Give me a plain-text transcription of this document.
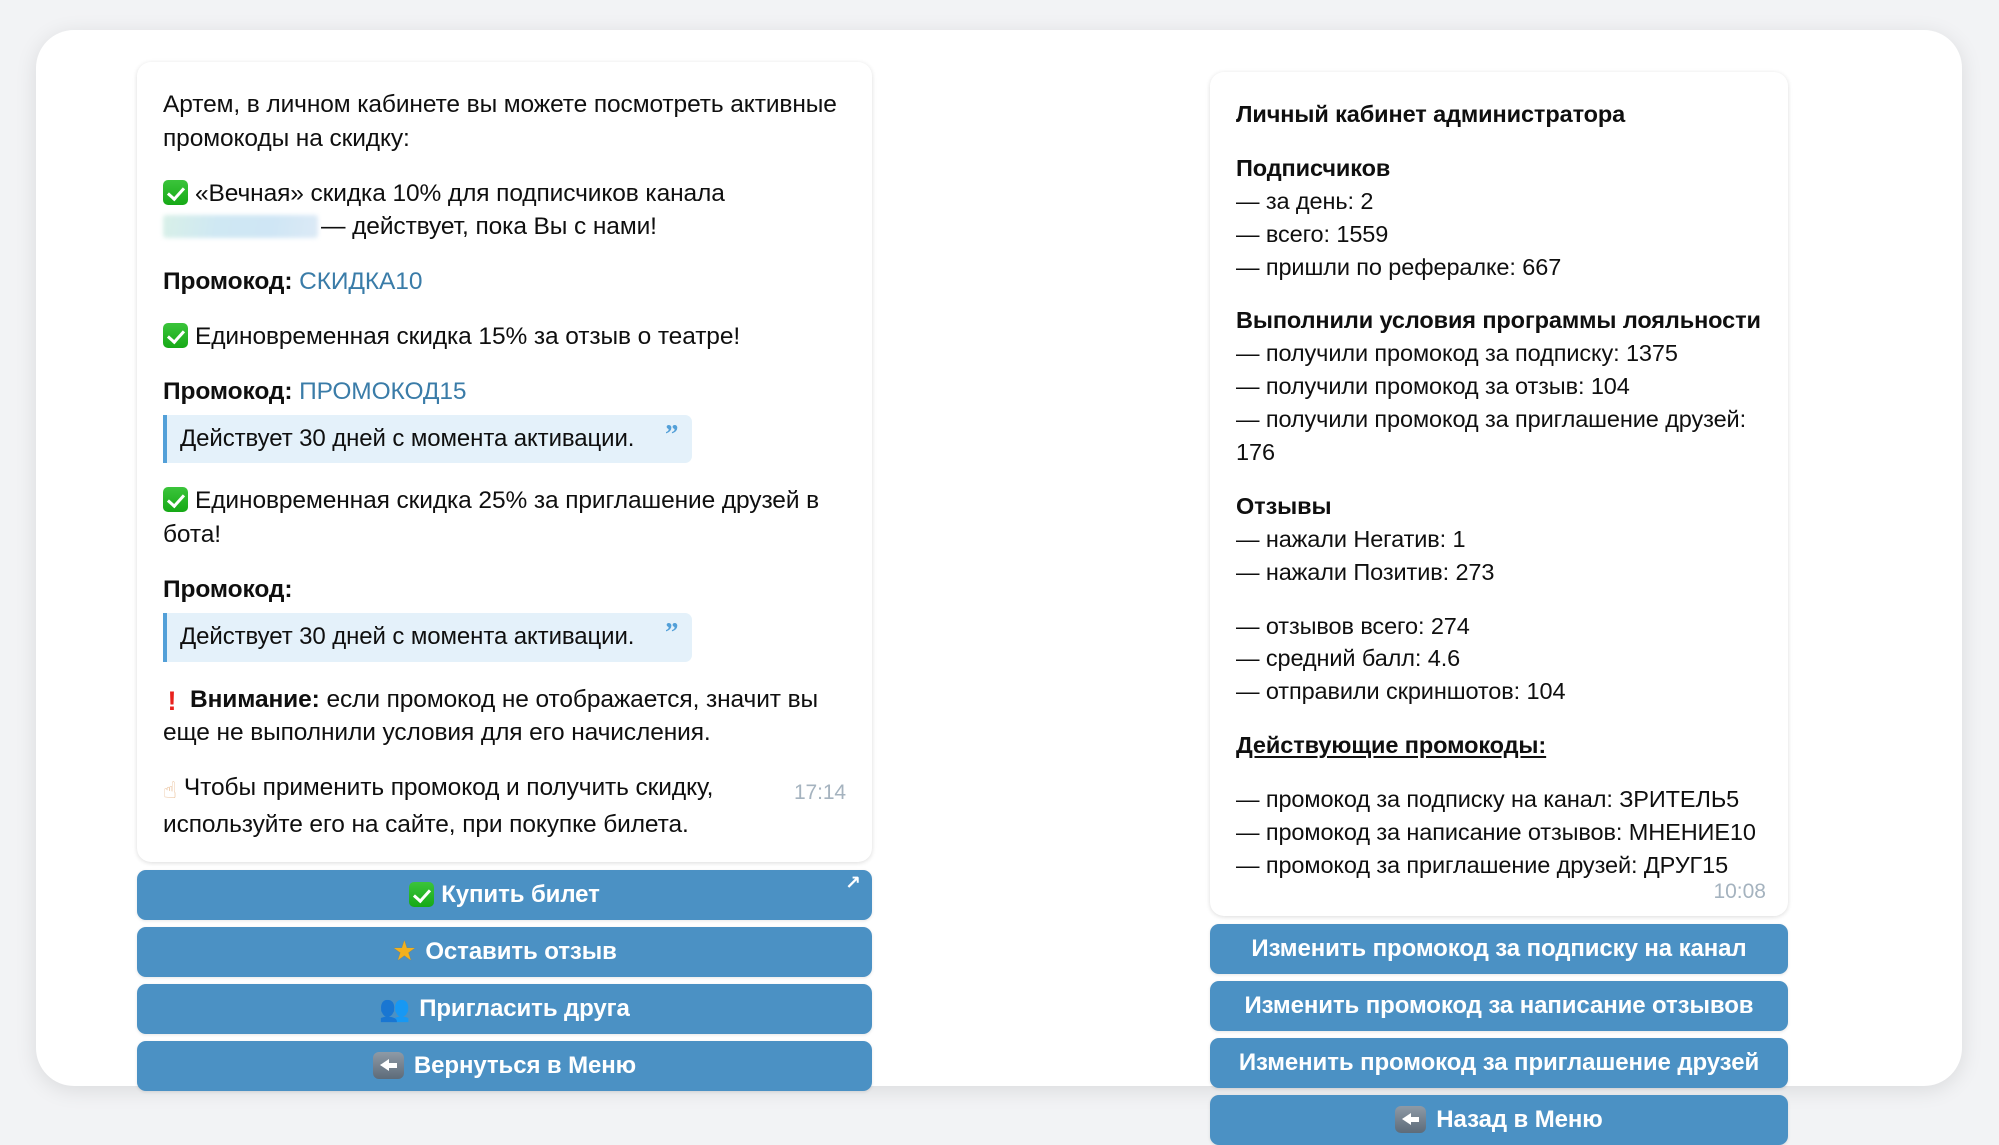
Артем, в личном кабинете вы можете посмотреть активные промокоды на скидку:
«Вечная» скидка 10% для подписчиков канала
— действует, пока Вы с нами!
Промокод: СКИДКА10
Единовременная скидка 15% за отзыв о театре!
Промокод: ПРОМОКОД15
Действует 30 дней с момента активации. ”
Единовременная скидка 25% за приглашение друзей в бота!
Промокод:
Действует 30 дней с момента активации. ”
! Внимание: если промокод не отображается, значит вы еще не выполнили условия для его начисления.
17:14
☝ Чтобы применить промокод и получить скидку, используйте его на сайте, при покупке билета.
Купить билет	↗
★ Оставить отзыв
👥 Пригласить друга
Вернуться в Меню
Личный кабинет администратора
Подписчиков
— за день: 2
— всего: 1559
— пришли по рефералке: 667
Выполнили условия программы лояльности
— получили промокод за подписку: 1375
— получили промокод за отзыв: 104
— получили промокод за приглашение друзей: 176
Отзывы
— нажали Негатив: 1
— нажали Позитив: 273
— отзывов всего: 274
— средний балл: 4.6
— отправили скриншотов: 104
Действующие промокоды:
— промокод за подписку на канал: ЗРИТЕЛЬ5
— промокод за написание отзывов: МНЕНИЕ10
— промокод за приглашение друзей: ДРУГ15
10:08
Изменить промокод за подписку на канал
Изменить промокод за написание отзывов
Изменить промокод за приглашение друзей
Назад в Меню
